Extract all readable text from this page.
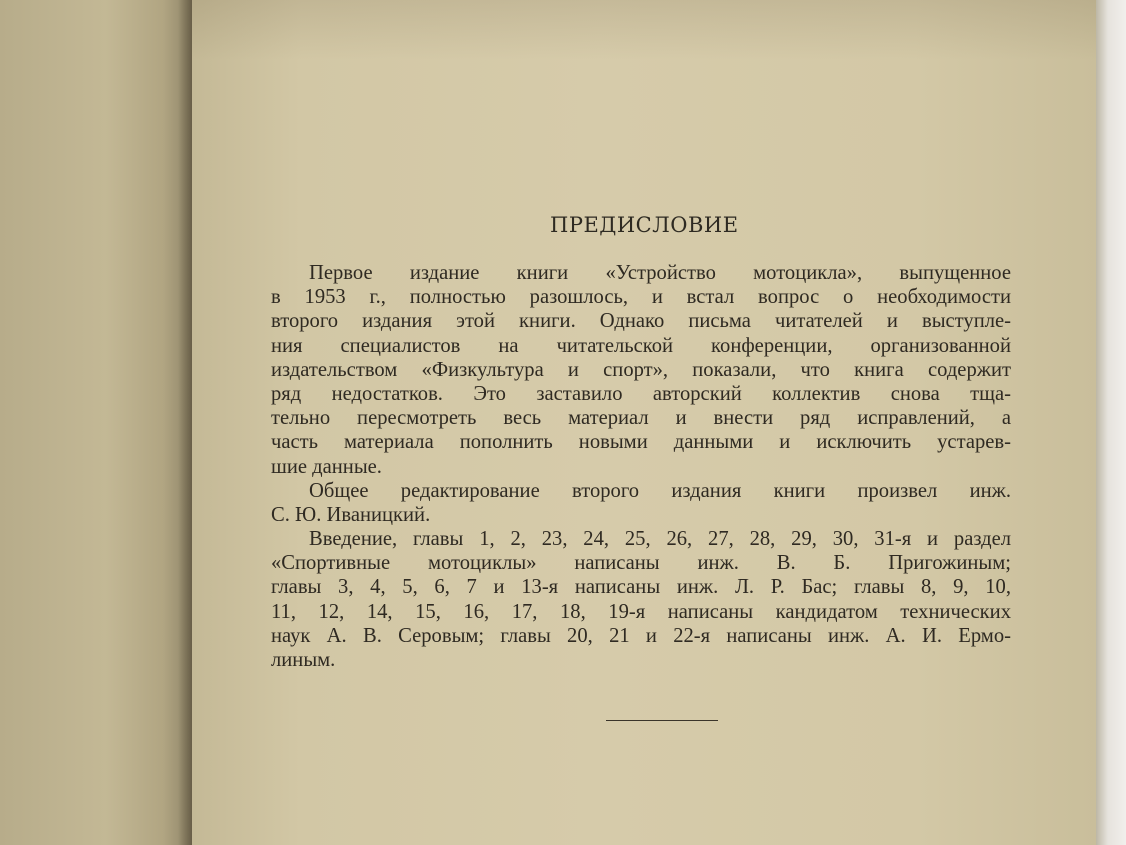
ПРЕДИСЛОВИЕ
Первое издание книги «Устройство мотоцикла», выпущенное
в 1953 г., полностью разошлось, и встал вопрос о необходимости
второго издания этой книги. Однако письма читателей и выступле-
ния специалистов на читательской конференции, организованной
издательством «Физкультура и спорт», показали, что книга содержит
ряд недостатков. Это заставило авторский коллектив снова тща-
тельно пересмотреть весь материал и внести ряд исправлений, а
часть материала пополнить новыми данными и исключить устарев-
шие данные.
Общее редактирование второго издания книги произвел инж.
С. Ю. Иваницкий.
Введение, главы 1, 2, 23, 24, 25, 26, 27, 28, 29, 30, 31-я и раздел
«Спортивные мотоциклы» написаны инж. В. Б. Пригожиным;
главы 3, 4, 5, 6, 7 и 13-я написаны инж. Л. Р. Бас; главы 8, 9, 10,
11, 12, 14, 15, 16, 17, 18, 19-я написаны кандидатом технических
наук А. В. Серовым; главы 20, 21 и 22-я написаны инж. А. И. Ермо-
линым.
